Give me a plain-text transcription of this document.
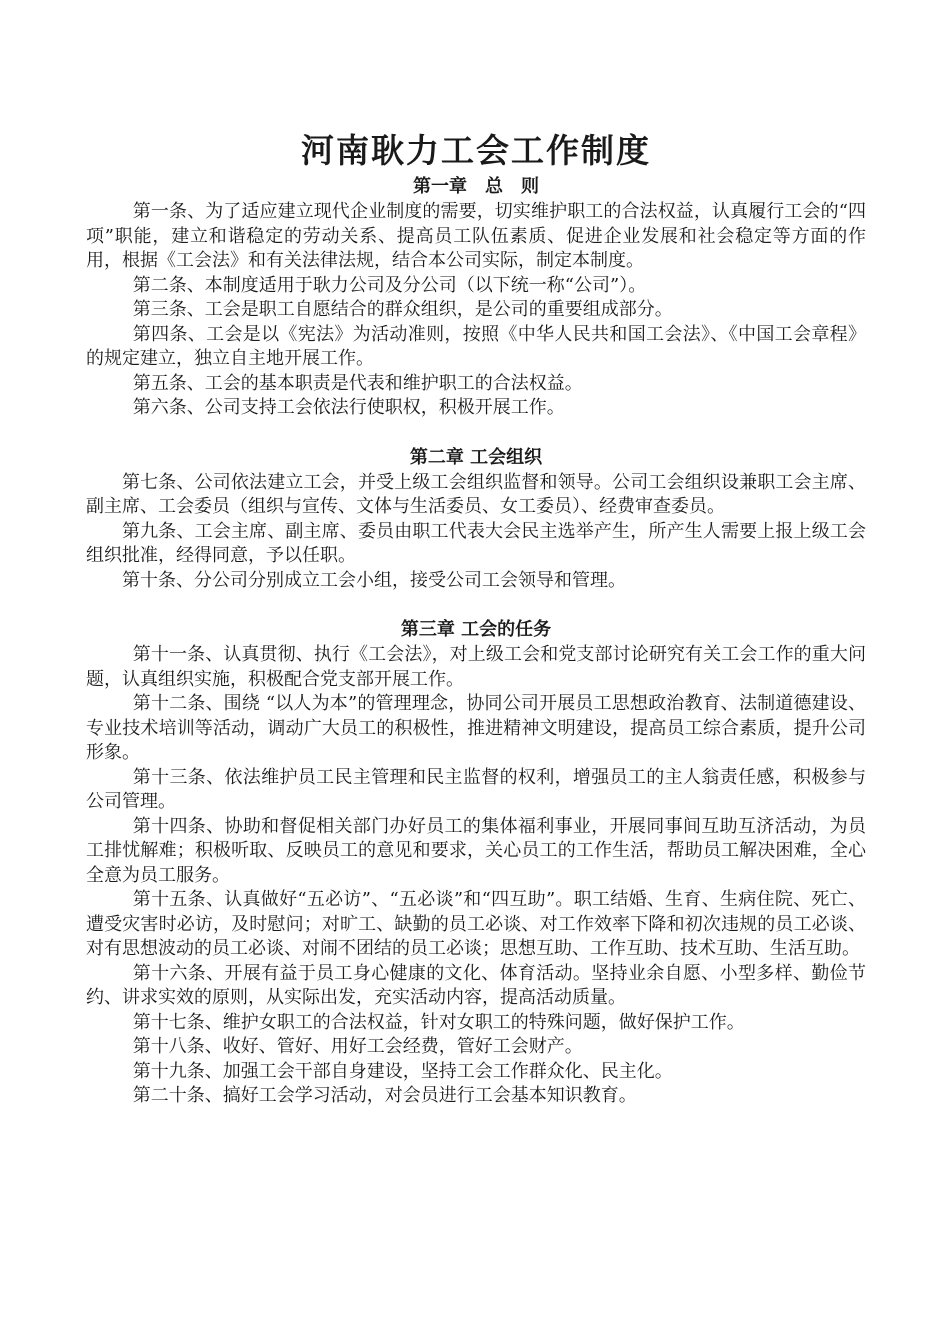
河南耿力工会工作制度
第一章　总　则

第一条、为了适应建立现代企业制度的需要，切实维护职工的合法权益，认真履行工会的“四项”职能，建立和谐稳定的劳动关系、提高员工队伍素质、促进企业发展和社会稳定等方面的作用，根据《工会法》和有关法律法规，结合本公司实际，制定本制度。

第二条、本制度适用于耿力公司及分公司（以下统一称“公司”）。

第三条、工会是职工自愿结合的群众组织，是公司的重要组成部分。

第四条、工会是以《宪法》为活动准则，按照《中华人民共和国工会法》、《中国工会章程》的规定建立，独立自主地开展工作。

第五条、工会的基本职责是代表和维护职工的合法权益。

第六条、公司支持工会依法行使职权，积极开展工作。

第二章 工会组织

第七条、公司依法建立工会，并受上级工会组织监督和领导。公司工会组织设兼职工会主席、副主席、工会委员（组织与宣传、文体与生活委员、女工委员）、经费审查委员。

第九条、工会主席、副主席、委员由职工代表大会民主选举产生，所产生人需要上报上级工会组织批准，经得同意，予以任职。

第十条、分公司分别成立工会小组，接受公司工会领导和管理。

第三章 工会的任务

第十一条、认真贯彻、执行《工会法》，对上级工会和党支部讨论研究有关工会工作的重大问题，认真组织实施，积极配合党支部开展工作。

第十二条、围绕 “以人为本”的管理理念，协同公司开展员工思想政治教育、法制道德建设、专业技术培训等活动，调动广大员工的积极性，推进精神文明建设，提高员工综合素质，提升公司形象。

第十三条、依法维护员工民主管理和民主监督的权利，增强员工的主人翁责任感，积极参与公司管理。

第十四条、协助和督促相关部门办好员工的集体福利事业，开展同事间互助互济活动，为员工排忧解难；积极听取、反映员工的意见和要求，关心员工的工作生活，帮助员工解决困难，全心全意为员工服务。

第十五条、认真做好“五必访”、“五必谈”和“四互助”。职工结婚、生育、生病住院、死亡、遭受灾害时必访，及时慰问；对旷工、缺勤的员工必谈、对工作效率下降和初次违规的员工必谈、对有思想波动的员工必谈、对闹不团结的员工必谈；思想互助、工作互助、技术互助、生活互助。

第十六条、开展有益于员工身心健康的文化、体育活动。坚持业余自愿、小型多样、勤俭节约、讲求实效的原则，从实际出发，充实活动内容，提高活动质量。

第十七条、维护女职工的合法权益，针对女职工的特殊问题，做好保护工作。

第十八条、收好、管好、用好工会经费，管好工会财产。

第十九条、加强工会干部自身建设，坚持工会工作群众化、民主化。

第二十条、搞好工会学习活动，对会员进行工会基本知识教育。
